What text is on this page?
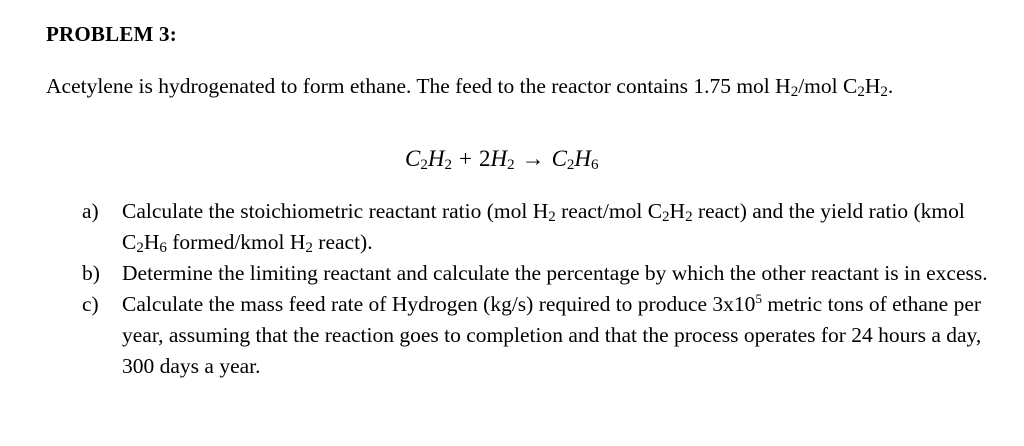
PROBLEM 3:
Acetylene is hydrogenated to form ethane. The feed to the reactor contains 1.75 mol $H_2$/mol $C_2H_2$.
$C_2H_2 + 2H_2 \to C_2H_6$
a) Calculate the stoichiometric reactant ratio (mol $H_2$ react/mol $C_2H_2$ react) and the yield ratio (kmol $C_2H_6$ formed/kmol $H_2$ react).
b) Determine the limiting reactant and calculate the percentage by which the other reactant is in excess.
c) Calculate the mass feed rate of Hydrogen (kg/s) required to produce $3x10^5$ metric tons of ethane per year, assuming that the reaction goes to completion and that the process operates for 24 hours a day, 300 days a year.
